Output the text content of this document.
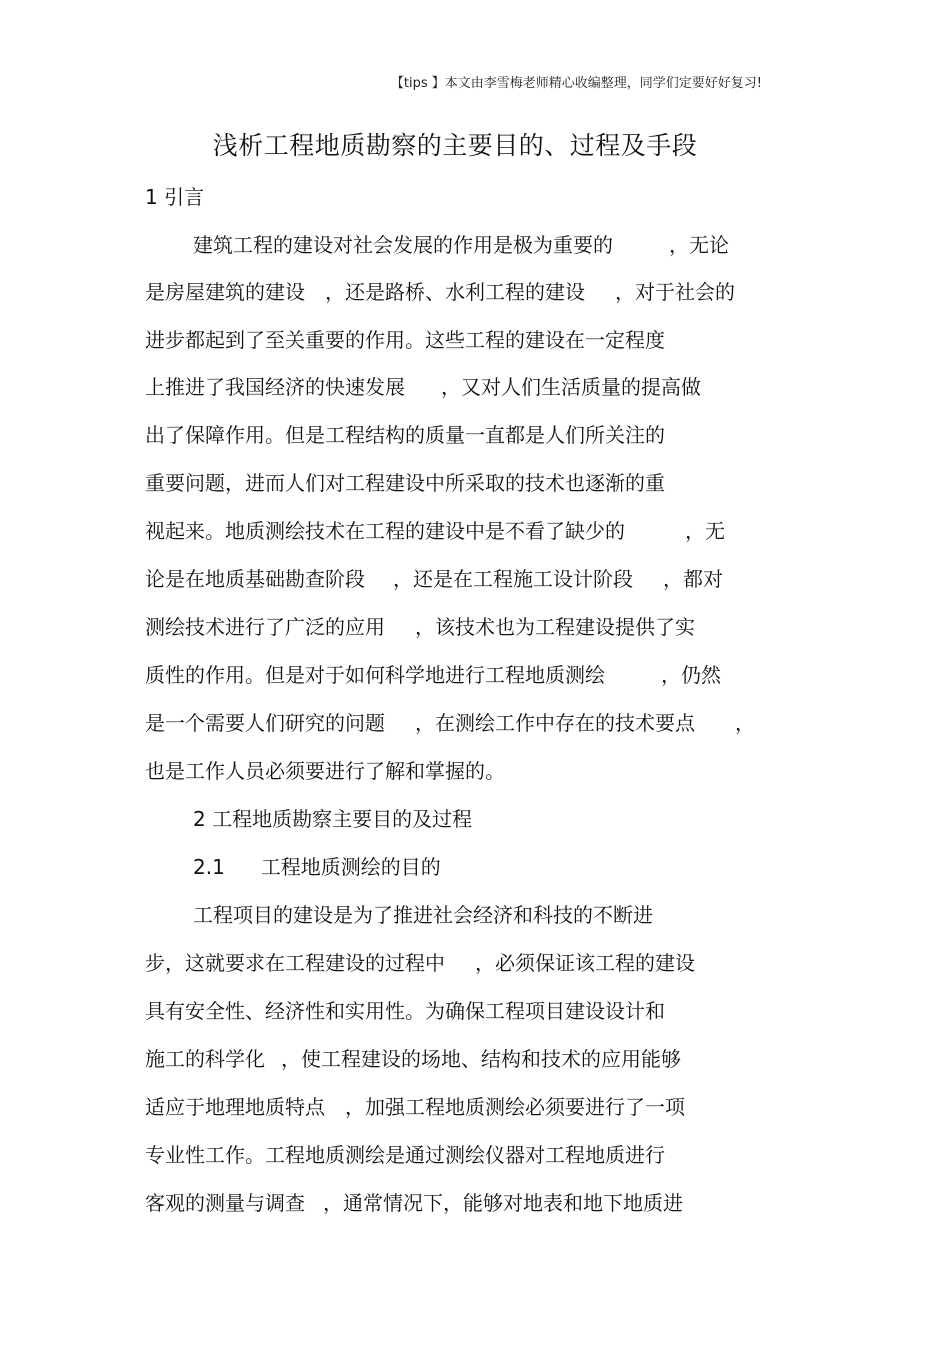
【tips 】本文由李雪梅老师精心收编整理，同学们定要好好复习!
浅析工程地质勘察的主要目的、过程及手段
1 引言
建筑工程的建设对社会发展的作用是极为重要的	，无论
是房屋建筑的建设 ，还是路桥、水利工程的建设 ，对于社会的
进步都起到了至关重要的作用。这些工程的建设在一定程度
上推进了我国经济的快速发展 ，又对人们生活质量的提高做
出了保障作用。但是工程结构的质量一直都是人们所关注的
重要问题，进而人们对工程建设中所采取的技术也逐渐的重
视起来。地质测绘技术在工程的建设中是不看了缺少的	，无
论是在地质基础勘查阶段 ，还是在工程施工设计阶段 ，都对
测绘技术进行了广泛的应用 ，该技术也为工程建设提供了实
质性的作用。但是对于如何科学地进行工程地质测绘	，仍然
是一个需要人们研究的问题 ，在测绘工作中存在的技术要点 ，
也是工作人员必须要进行了解和掌握的。
2 工程地质勘察主要目的及过程
2.1 工程地质测绘的目的
工程项目的建设是为了推进社会经济和科技的不断进
步，这就要求在工程建设的过程中 ，必须保证该工程的建设
具有安全性、经济性和实用性。为确保工程项目建设设计和
施工的科学化 ，使工程建设的场地、结构和技术的应用能够
适应于地理地质特点 ，加强工程地质测绘必须要进行了一项
专业性工作。工程地质测绘是通过测绘仪器对工程地质进行
客观的测量与调查 ，通常情况下，能够对地表和地下地质进
